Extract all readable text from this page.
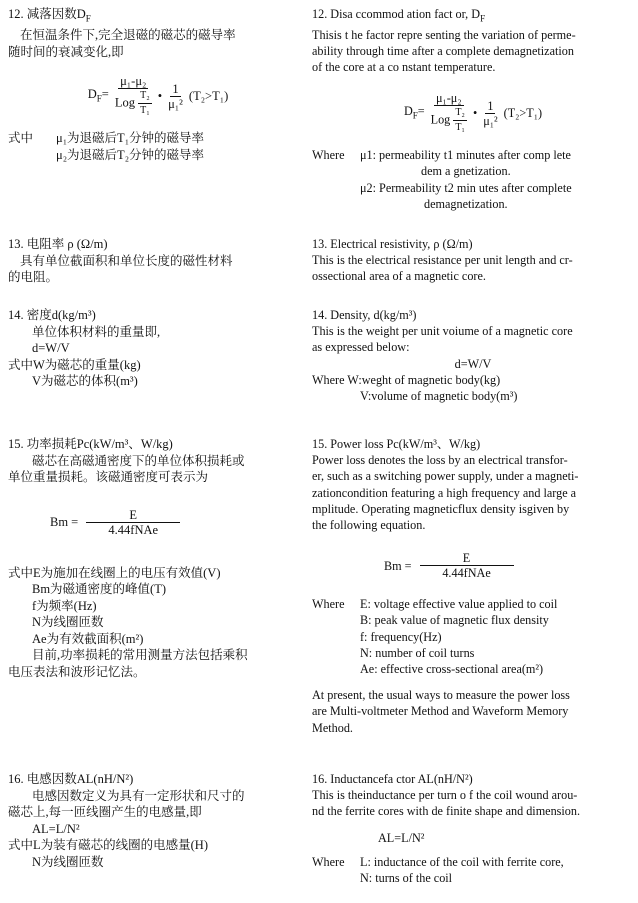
12. 减落因数$D_F$
在恒温条件下,完全退磁的磁芯的磁导率
随时间的衰减变化,即
$D_F= \frac{\text{μ₁-μ₂}}{Log \frac{\text{T₂}}{\text{T₁}}}$ • $\frac{1}{\text{μ₁²}} (T_2>T_1)$
式中	μ₁为退磁后T₁分钟的磁导率
μ₂为退磁后T₂分钟的磁导率
13. 电阻率 ρ (Ω/m)
具有单位截面积和单位长度的磁性材料
的电阻。
14. 密度d(kg/m³)
单位体积材料的重量即,
d=W/V
式中W为磁芯的重量(kg)
V为磁芯的体积(m³)
15. 功率损耗Pc(kW/m³、W/kg)
磁芯在高磁通密度下的单位体积损耗或
单位重量损耗。该磁通密度可表示为
$Bm = \frac{E}{\text{4.44fNAe}}$
式中E为施加在线圈上的电压有效值(V)
Bm为磁通密度的峰值(T)
f为频率(Hz)
N为线圈匝数
Ae为有效截面积(m²)
目前,功率损耗的常用测量方法包括乘积
电压表法和波形记忆法。
16. 电感因数AL(nH/N²)
电感因数定义为具有一定形状和尺寸的
磁芯上,每一匝线圈产生的电感量,即
AL=L/N²
式中L为装有磁芯的线圈的电感量(H)
N为线圈匝数
12. Disa ccommod ation fact or, $D_F$
Thisis t he factor repre senting the variation of perme-
ability through time after a complete demagnetization
of the core at a co nstant temperature.
$D_F= \frac{\text{μ₁-μ₂}}{Log \frac{\text{T₂}}{\text{T₁}}}$ • $\frac{1}{\text{μ₁²}} (T_2>T_1)$
Where	μ1: permeability t1 minutes after comp lete
dem a gnetization.
μ2: Permeability t2 min utes after complete
demagnetization.
13. Electrical resistivity, ρ (Ω/m)
This is the electrical resistance per unit length and cr-
ossectional area of a magnetic core.
14. Density, d(kg/m³)
This is the weight per unit voiume of a magnetic core
as expressed below:
d=W/V
Where W:weght of magnetic body(kg)
V:volume of magnetic body(m³)
15. Power loss Pc(kW/m³、W/kg)
Power loss denotes the loss by an electrical transfor-
er, such as a switching power supply, under a magneti-
zationcondition featuring a high frequency and large a
mplitude. Operating magneticflux density isgiven by
the following equation.
$Bm = \frac{E}{\text{4.44fNAe}}$
Where	E: voltage effective value applied to coil
B: peak value of magnetic flux density
f: frequency(Hz)
N: number of coil turns
Ae: effective cross-sectional area(m²)
At present, the usual ways to measure the power loss
are Multi-voltmeter Method and Waveform Memory
Method.
16. Inductancefa ctor AL(nH/N²)
This is theinductance per turn o f the coil wound arou-
nd the ferrite cores with de finite shape and dimension.
AL=L/N²
Where	L: inductance of the coil with ferrite core,
N: turns of the coil
